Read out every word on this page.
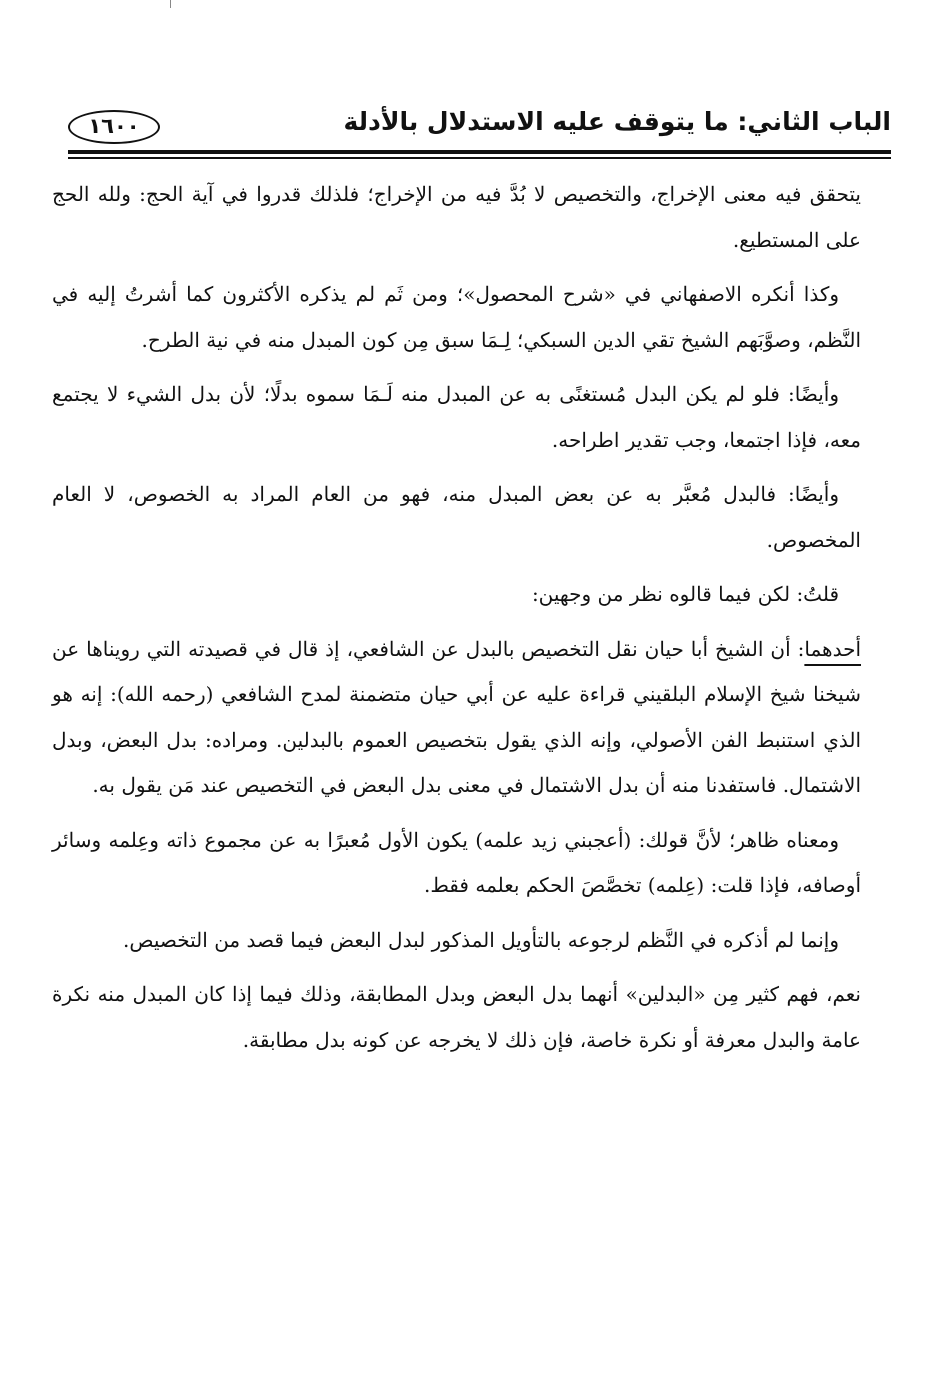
الباب الثاني: ما يتوقف عليه الاستدلال بالأدلة
١٦٠٠

يتحقق فيه معنى الإخراج، والتخصيص لا بُدَّ فيه من الإخراج؛ فلذلك قدروا في آية الحج: ولله الحج على المستطيع.

وكذا أنكره الاصفهاني في «شرح المحصول»؛ ومن ثَم لم يذكره الأكثرون كما أشرتُ إليه في النَّظم، وصوَّبَهم الشيخ تقي الدين السبكي؛ لِـمَا سبق مِن كون المبدل منه في نية الطرح.

وأيضًا: فلو لم يكن البدل مُستغنًى به عن المبدل منه لَـمَا سموه بدلًا؛ لأن بدل الشيء لا يجتمع معه، فإذا اجتمعا، وجب تقدير اطراحه.

وأيضًا: فالبدل مُعبَّر به عن بعض المبدل منه، فهو من العام المراد به الخصوص، لا العام المخصوص.

قلتُ: لكن فيما قالوه نظر من وجهين:

أحدهما: أن الشيخ أبا حيان نقل التخصيص بالبدل عن الشافعي، إذ قال في قصيدته التي رويناها عن شيخنا شيخ الإسلام البلقيني قراءة عليه عن أبي حيان متضمنة لمدح الشافعي (رحمه الله): إنه هو الذي استنبط الفن الأصولي، وإنه الذي يقول بتخصيص العموم بالبدلين. ومراده: بدل البعض، وبدل الاشتمال. فاستفدنا منه أن بدل الاشتمال في معنى بدل البعض في التخصيص عند مَن يقول به.

ومعناه ظاهر؛ لأنَّ قولك: (أعجبني زيد علمه) يكون الأول مُعبرًا به عن مجموع ذاته وعِلمه وسائر أوصافه، فإذا قلت: (عِلمه) تخصَّصَ الحكم بعلمه فقط.

وإنما لم أذكره في النَّظم لرجوعه بالتأويل المذكور لبدل البعض فيما قصد من التخصيص.

نعم، فهم كثير مِن «البدلين» أنهما بدل البعض وبدل المطابقة، وذلك فيما إذا كان المبدل منه نكرة عامة والبدل معرفة أو نكرة خاصة، فإن ذلك لا يخرجه عن كونه بدل مطابقة.
